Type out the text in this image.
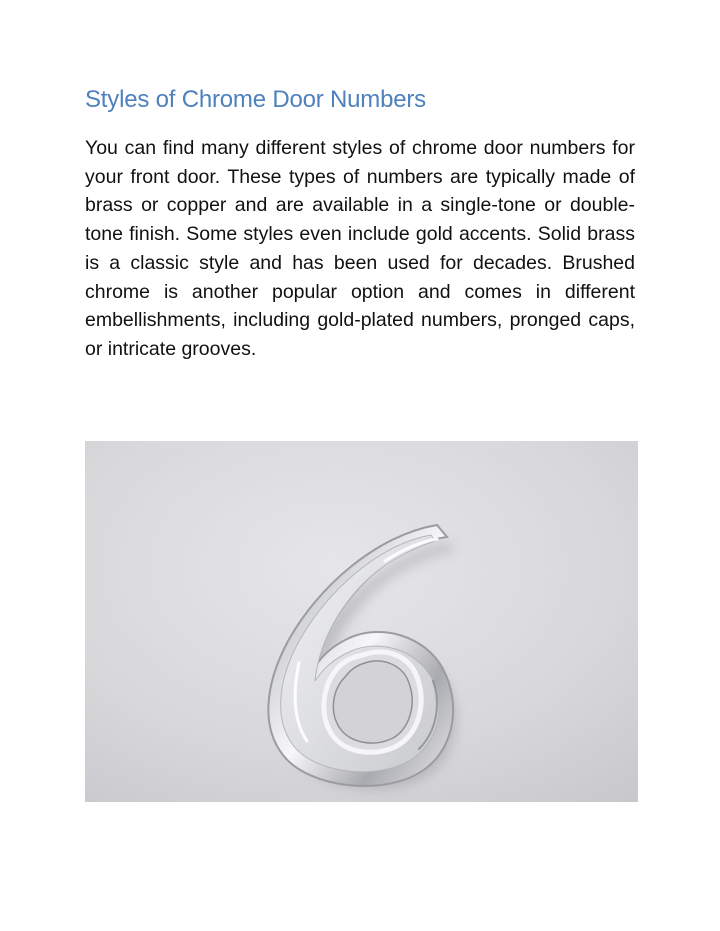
Styles of Chrome Door Numbers

You can find many different styles of chrome door numbers for your front door. These types of numbers are typically made of brass or copper and are available in a single-tone or double-tone finish. Some styles even include gold accents. Solid brass is a classic style and has been used for decades. Brushed chrome is another popular option and comes in different embellishments, including gold-plated numbers, pronged caps, or intricate grooves.
